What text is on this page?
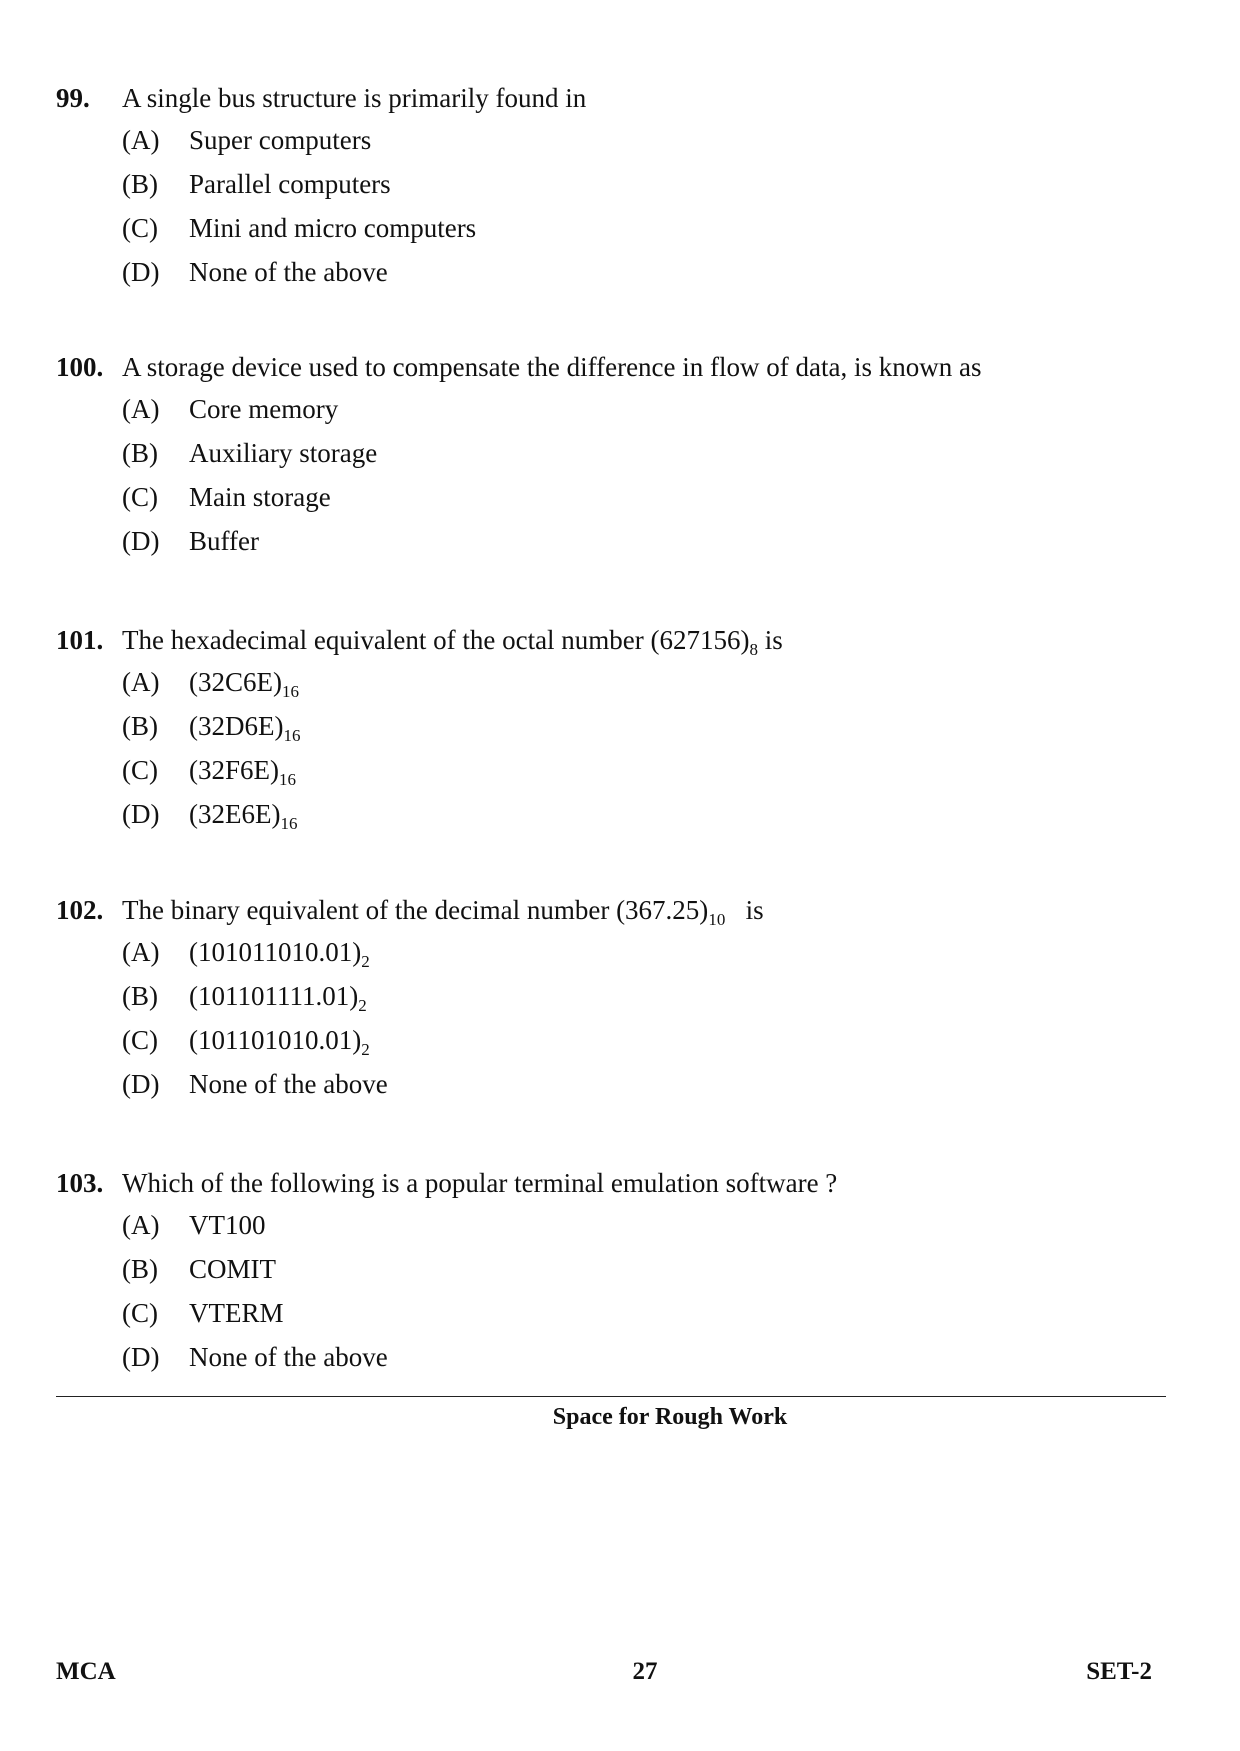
99. A single bus structure is primarily found in
(A) Super computers
(B) Parallel computers
(C) Mini and micro computers
(D) None of the above
100. A storage device used to compensate the difference in flow of data, is known as
(A) Core memory
(B) Auxiliary storage
(C) Main storage
(D) Buffer
101. The hexadecimal equivalent of the octal number $(627156)_8$ is
(A) $(32C6E)_{16}$
(B) $(32D6E)_{16}$
(C) $(32F6E)_{16}$
(D) $(32E6E)_{16}$
102. The binary equivalent of the decimal number $(367.25)_{10}$   is
(A) $(101011010.01)_2$
(B) $(101101111.01)_2$
(C) $(101101010.01)_2$
(D) None of the above
103. Which of the following is a popular terminal emulation software ?
(A) VT100
(B) COMIT
(C) VTERM
(D) None of the above
Space for Rough Work
MCA	27	SET-2
